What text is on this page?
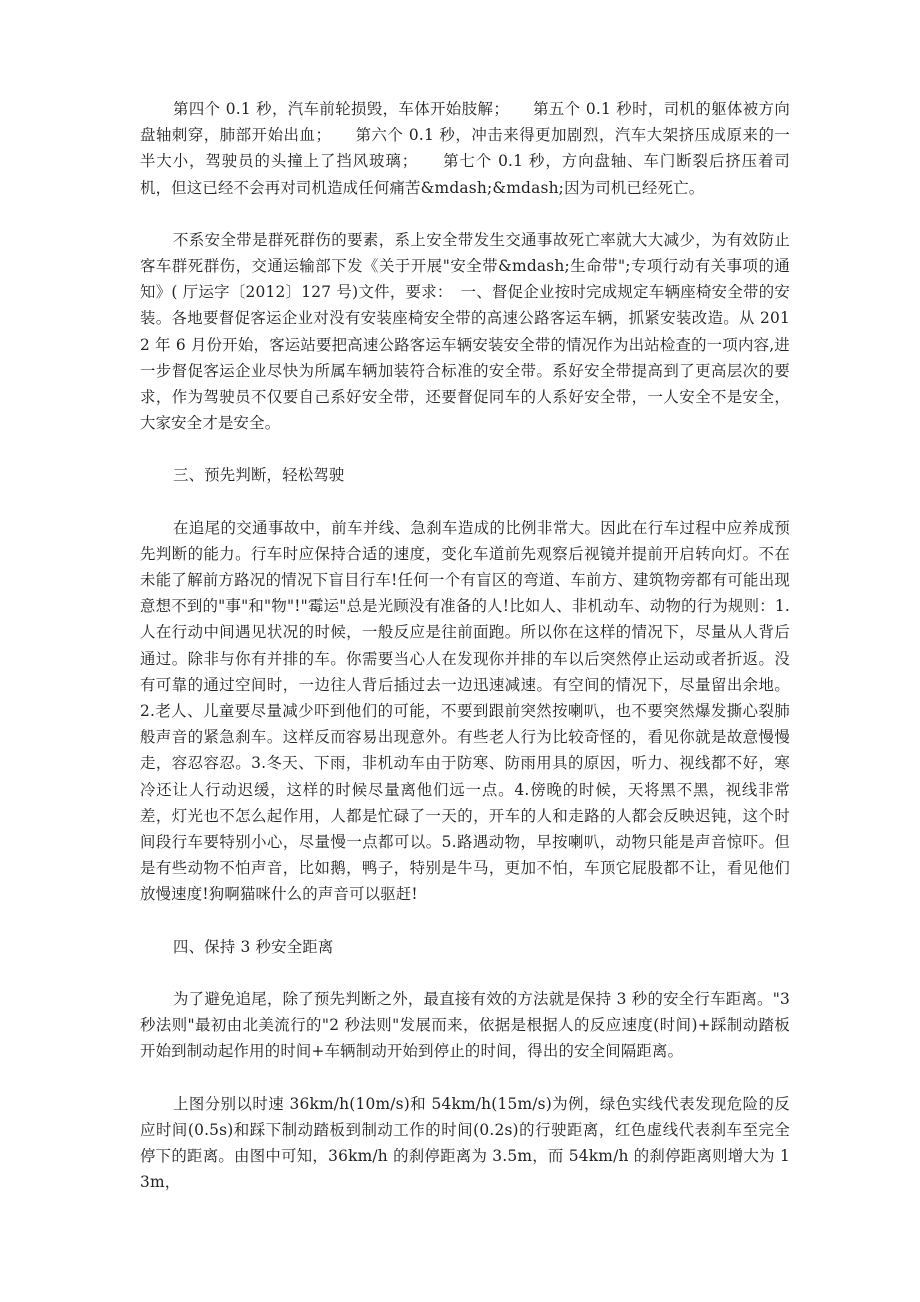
第四个 0.1 秒，汽车前轮损毁，车体开始肢解；　　第五个 0.1 秒时，司机的躯体被方向盘轴刺穿，肺部开始出血；　　第六个 0.1 秒，冲击来得更加剧烈，汽车大架挤压成原来的一半大小，驾驶员的头撞上了挡风玻璃；　　第七个 0.1 秒，方向盘轴、车门断裂后挤压着司机，但这已经不会再对司机造成任何痛苦&mdash;&mdash;因为司机已经死亡。

不系安全带是群死群伤的要素，系上安全带发生交通事故死亡率就大大减少，为有效防止客车群死群伤，交通运输部下发《关于开展"安全带&mdash;生命带";专项行动有关事项的通知》( 厅运字〔2012〕127 号)文件，要求：　一、督促企业按时完成规定车辆座椅安全带的安装。各地要督促客运企业对没有安装座椅安全带的高速公路客运车辆，抓紧安装改造。从 2012 年 6 月份开始，客运站要把高速公路客运车辆安装安全带的情况作为出站检查的一项内容,进一步督促客运企业尽快为所属车辆加装符合标准的安全带。系好安全带提高到了更高层次的要求，作为驾驶员不仅要自己系好安全带，还要督促同车的人系好安全带，一人安全不是安全，大家安全才是安全。

三、预先判断，轻松驾驶

在追尾的交通事故中，前车并线、急刹车造成的比例非常大。因此在行车过程中应养成预先判断的能力。行车时应保持合适的速度，变化车道前先观察后视镜并提前开启转向灯。不在未能了解前方路况的情况下盲目行车!任何一个有盲区的弯道、车前方、建筑物旁都有可能出现意想不到的"事"和"物"!"霉运"总是光顾没有准备的人!比如人、非机动车、动物的行为规则：1.人在行动中间遇见状况的时候，一般反应是往前面跑。所以你在这样的情况下，尽量从人背后通过。除非与你有并排的车。你需要当心人在发现你并排的车以后突然停止运动或者折返。没有可靠的通过空间时，一边往人背后插过去一边迅速减速。有空间的情况下，尽量留出余地。2.老人、儿童要尽量减少吓到他们的可能，不要到跟前突然按喇叭，也不要突然爆发撕心裂肺般声音的紧急刹车。这样反而容易出现意外。有些老人行为比较奇怪的，看见你就是故意慢慢走，容忍容忍。3.冬天、下雨，非机动车由于防寒、防雨用具的原因，听力、视线都不好，寒冷还让人行动迟缓，这样的时候尽量离他们远一点。4.傍晚的时候，天将黑不黑，视线非常差，灯光也不怎么起作用，人都是忙碌了一天的，开车的人和走路的人都会反映迟钝，这个时间段行车要特别小心，尽量慢一点都可以。5.路遇动物，早按喇叭，动物只能是声音惊吓。但是有些动物不怕声音，比如鹅，鸭子，特别是牛马，更加不怕，车顶它屁股都不让，看见他们放慢速度!狗啊猫咪什么的声音可以驱赶!

四、保持 3 秒安全距离

为了避免追尾，除了预先判断之外，最直接有效的方法就是保持 3 秒的安全行车距离。"3 秒法则"最初由北美流行的"2 秒法则"发展而来，依据是根据人的反应速度(时间)+踩制动踏板开始到制动起作用的时间+车辆制动开始到停止的时间，得出的安全间隔距离。

上图分别以时速 36km/h(10m/s)和 54km/h(15m/s)为例，绿色实线代表发现危险的反应时间(0.5s)和踩下制动踏板到制动工作的时间(0.2s)的行驶距离，红色虚线代表刹车至完全停下的距离。由图中可知，36km/h 的刹停距离为 3.5m，而 54km/h 的刹停距离则增大为 13m，
